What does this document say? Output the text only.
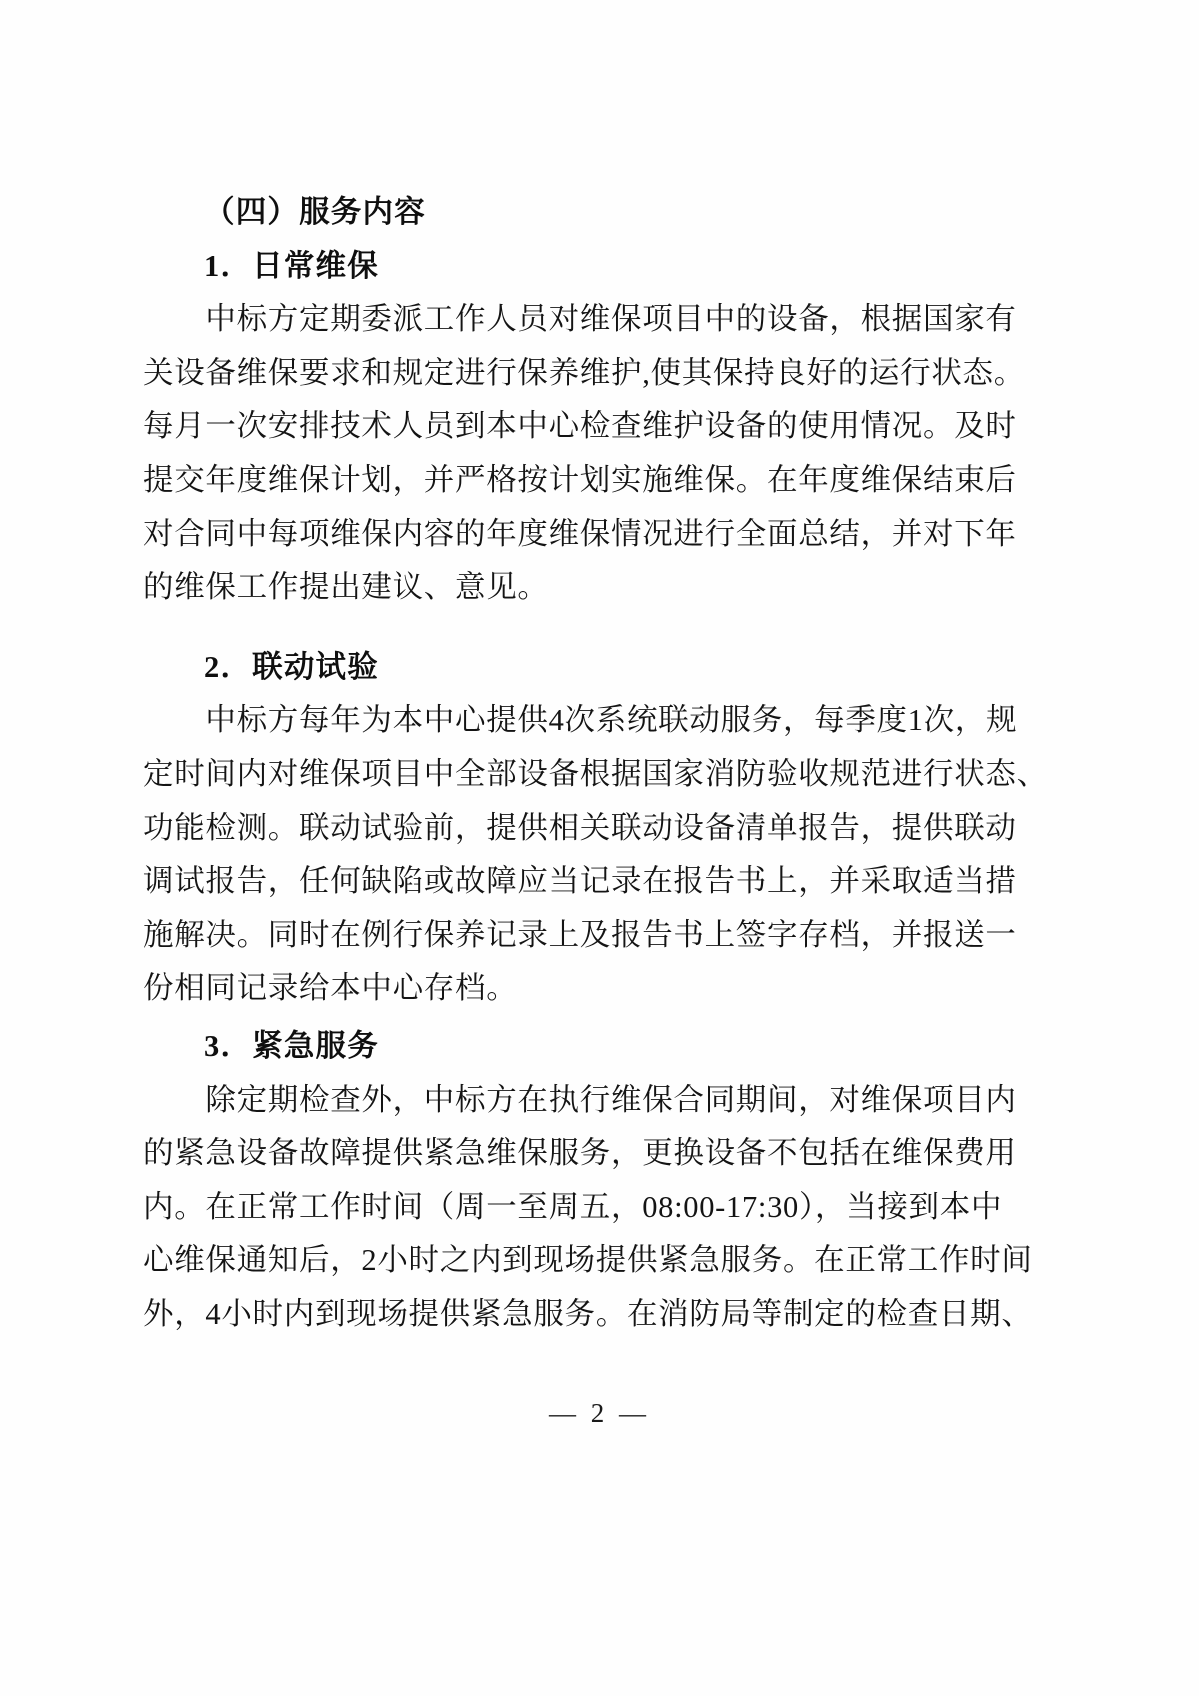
（四）服务内容
1．日常维保
　　中标方定期委派工作人员对维保项目中的设备，根据国家有
关设备维保要求和规定进行保养维护,使其保持良好的运行状态。
每月一次安排技术人员到本中心检查维护设备的使用情况。及时
提交年度维保计划，并严格按计划实施维保。在年度维保结束后
对合同中每项维保内容的年度维保情况进行全面总结，并对下年
的维保工作提出建议、意见。
2．联动试验
　　中标方每年为本中心提供4次系统联动服务，每季度1次，规
定时间内对维保项目中全部设备根据国家消防验收规范进行状态、
功能检测。联动试验前，提供相关联动设备清单报告，提供联动
调试报告，任何缺陷或故障应当记录在报告书上，并采取适当措
施解决。同时在例行保养记录上及报告书上签字存档，并报送一
份相同记录给本中心存档。
3．紧急服务
　　除定期检查外，中标方在执行维保合同期间，对维保项目内
的紧急设备故障提供紧急维保服务，更换设备不包括在维保费用
内。在正常工作时间（周一至周五，08:00-17:30），当接到本中
心维保通知后，2小时之内到现场提供紧急服务。在正常工作时间
外，4小时内到现场提供紧急服务。在消防局等制定的检查日期、
— 2 —
